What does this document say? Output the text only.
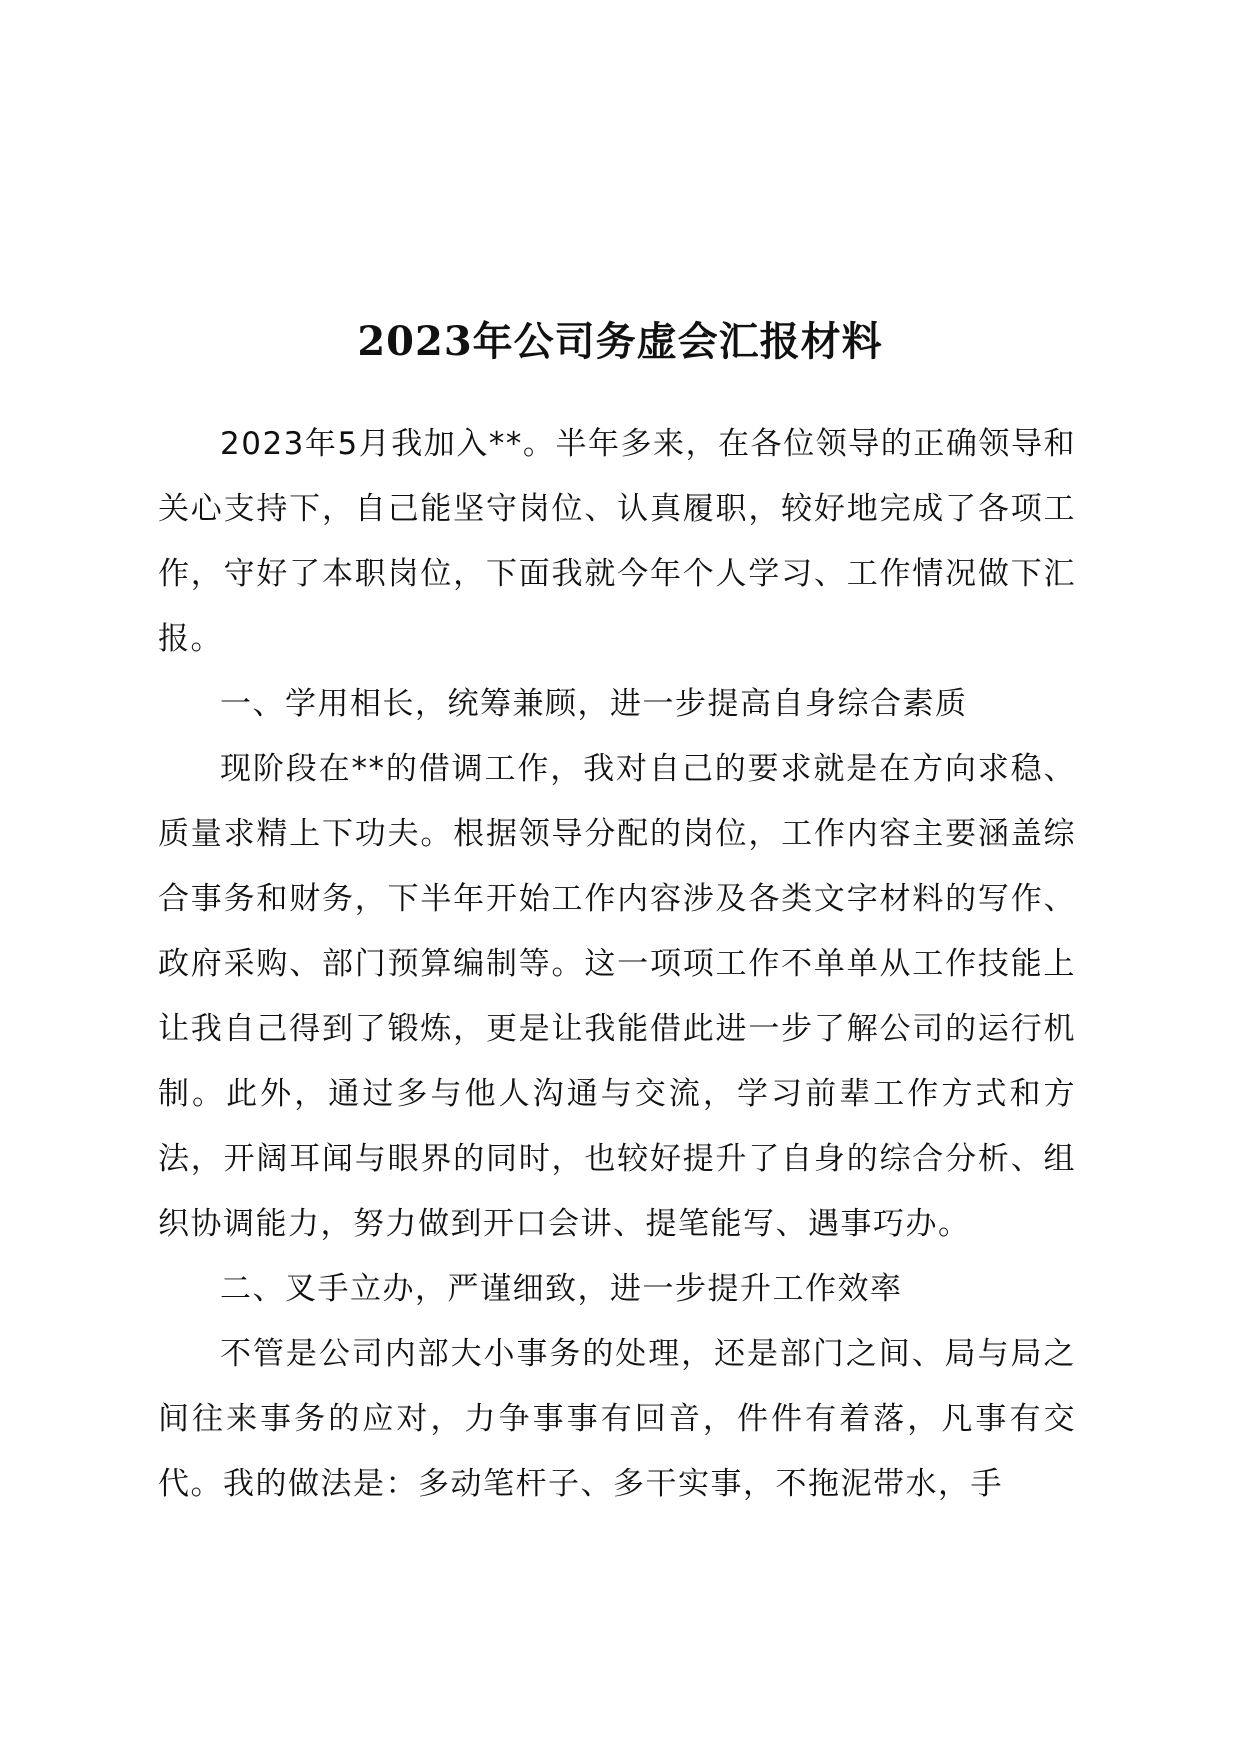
2023年公司务虚会汇报材料

2023年5月我加入**。半年多来，在各位领导的正确领导和关心支持下，自己能坚守岗位、认真履职，较好地完成了各项工作，守好了本职岗位，下面我就今年个人学习、工作情况做下汇报。

一、学用相长，统筹兼顾，进一步提高自身综合素质

现阶段在**的借调工作，我对自己的要求就是在方向求稳、质量求精上下功夫。根据领导分配的岗位，工作内容主要涵盖综合事务和财务，下半年开始工作内容涉及各类文字材料的写作、政府采购、部门预算编制等。这一项项工作不单单从工作技能上让我自己得到了锻炼，更是让我能借此进一步了解公司的运行机制。此外，通过多与他人沟通与交流，学习前辈工作方式和方法，开阔耳闻与眼界的同时，也较好提升了自身的综合分析、组织协调能力，努力做到开口会讲、提笔能写、遇事巧办。

二、叉手立办，严谨细致，进一步提升工作效率

不管是公司内部大小事务的处理，还是部门之间、局与局之间往来事务的应对，力争事事有回音，件件有着落，凡事有交代。我的做法是：多动笔杆子、多干实事，不拖泥带水，手
